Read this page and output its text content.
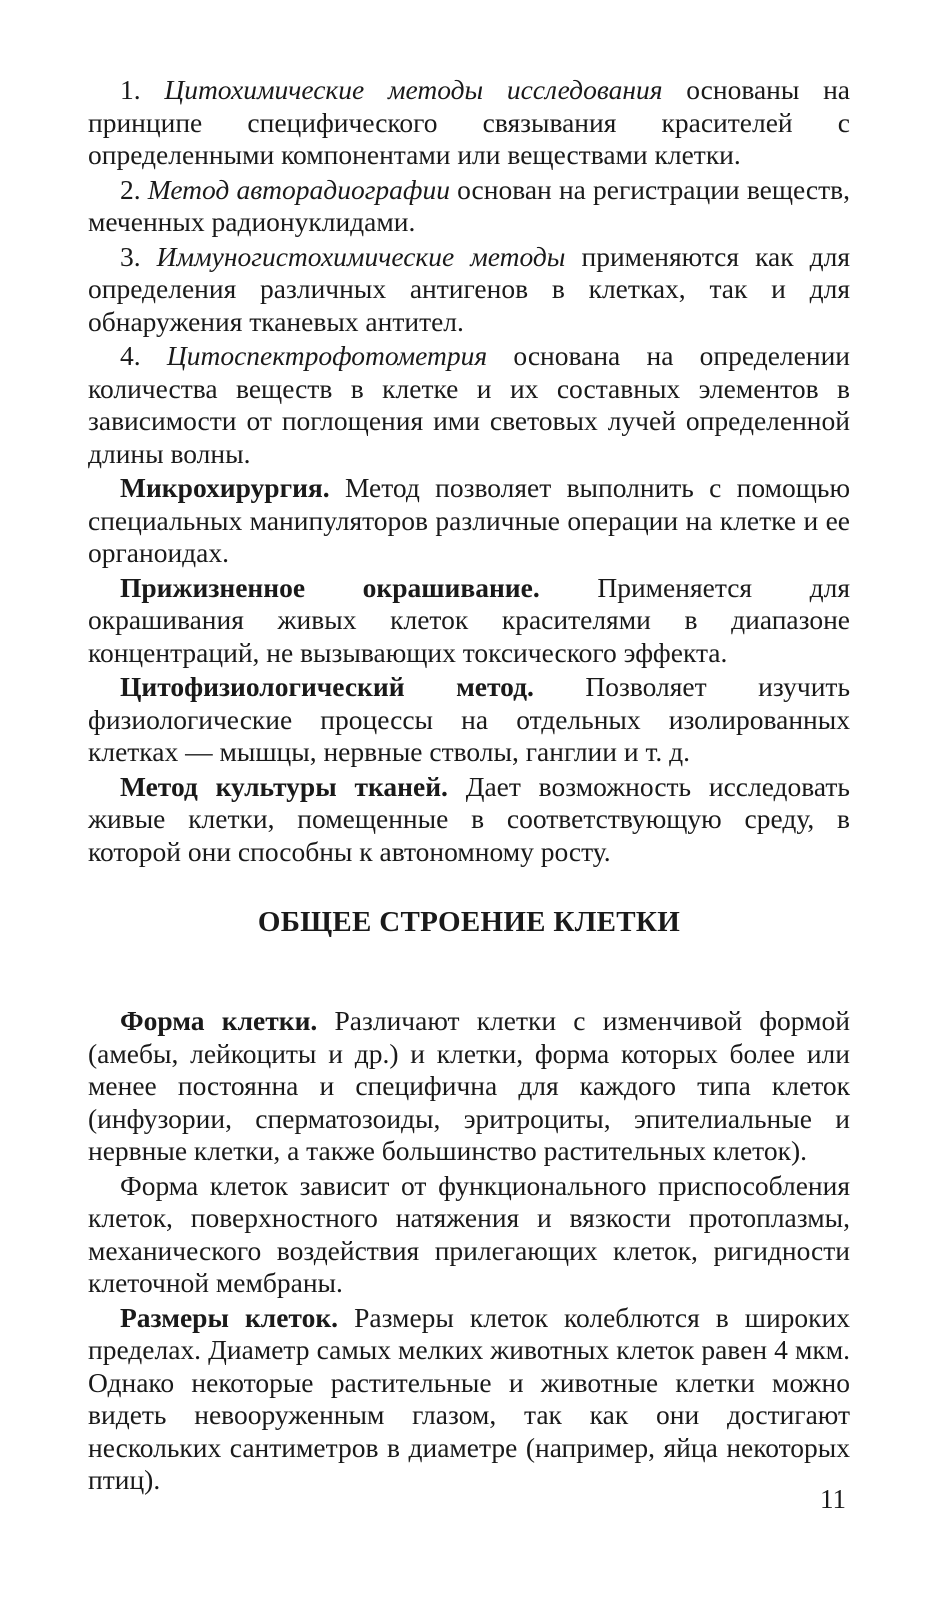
1. Цитохимические методы исследования основаны на принципе специфического связывания красителей с определенными компонентами или веществами клетки.

2. Метод авторадиографии основан на регистрации веществ, меченных радионуклидами.

3. Иммуногистохимические методы применяются как для определения различных антигенов в клетках, так и для обнаружения тканевых антител.

4. Цитоспектрофотометрия основана на определении количества веществ в клетке и их составных элементов в зависимости от поглощения ими световых лучей определенной длины волны.

Микрохирургия. Метод позволяет выполнить с помощью специальных манипуляторов различные операции на клетке и ее органоидах.

Прижизненное окрашивание. Применяется для окрашивания живых клеток красителями в диапазоне концентраций, не вызывающих токсического эффекта.

Цитофизиологический метод. Позволяет изучить физиологические процессы на отдельных изолированных клетках — мышцы, нервные стволы, ганглии и т. д.

Метод культуры тканей. Дает возможность исследовать живые клетки, помещенные в соответствующую среду, в которой они способны к автономному росту.

ОБЩЕЕ СТРОЕНИЕ КЛЕТКИ

Форма клетки. Различают клетки с изменчивой формой (амебы, лейкоциты и др.) и клетки, форма которых более или менее постоянна и специфична для каждого типа клеток (инфузории, сперматозоиды, эритроциты, эпителиальные и нервные клетки, а также большинство растительных клеток).

Форма клеток зависит от функционального приспособления клеток, поверхностного натяжения и вязкости протоплазмы, механического воздействия прилегающих клеток, ригидности клеточной мембраны.

Размеры клеток. Размеры клеток колеблются в широких пределах. Диаметр самых мелких животных клеток равен 4 мкм. Однако некоторые растительные и животные клетки можно видеть невооруженным глазом, так как они достигают нескольких сантиметров в диаметре (например, яйца некоторых птиц).

11
